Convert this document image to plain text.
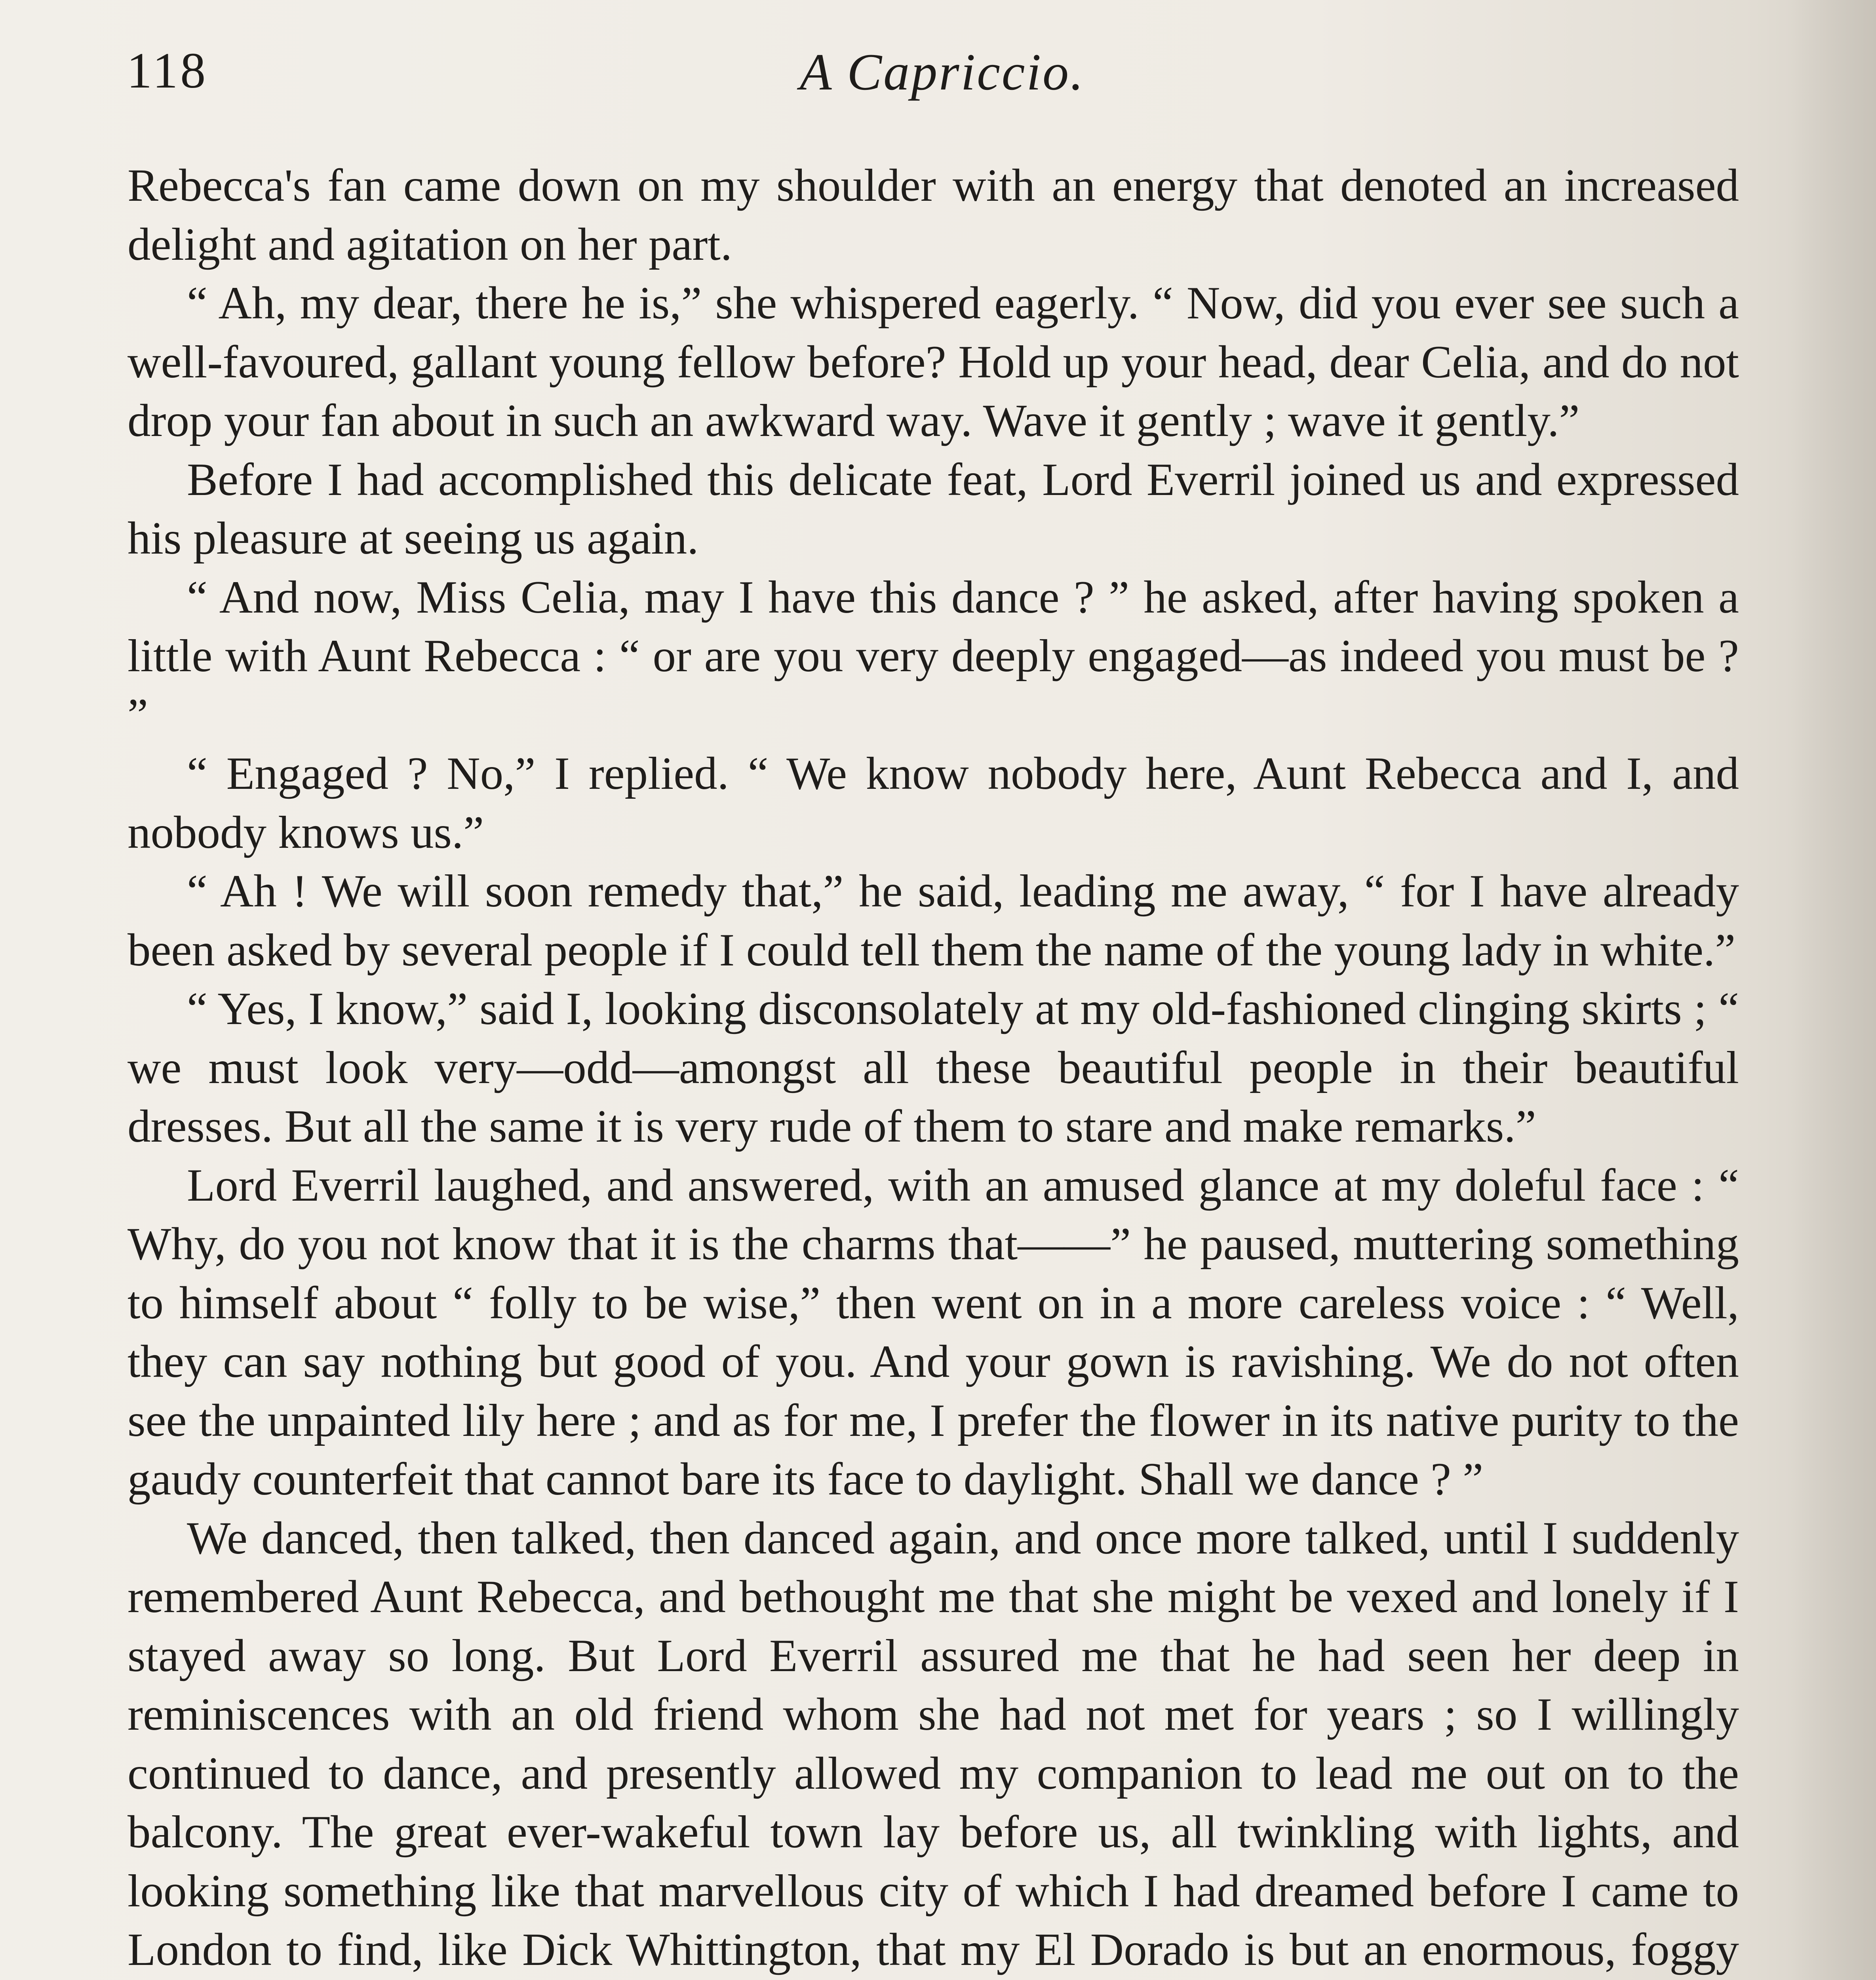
118	A Capriccio.

Rebecca's fan came down on my shoulder with an energy that denoted an increased delight and agitation on her part.

“ Ah, my dear, there he is,” she whispered eagerly. “ Now, did you ever see such a well-favoured, gallant young fellow before? Hold up your head, dear Celia, and do not drop your fan about in such an awkward way. Wave it gently ; wave it gently.”

Before I had accomplished this delicate feat, Lord Everril joined us and expressed his pleasure at seeing us again.

“ And now, Miss Celia, may I have this dance ? ” he asked, after having spoken a little with Aunt Rebecca : “ or are you very deeply engaged—as indeed you must be ? ”

“ Engaged ? No,” I replied. “ We know nobody here, Aunt Rebecca and I, and nobody knows us.”

“ Ah ! We will soon remedy that,” he said, leading me away, “ for I have already been asked by several people if I could tell them the name of the young lady in white.”

“ Yes, I know,” said I, looking disconsolately at my old-fashioned clinging skirts ; “ we must look very—odd—amongst all these beautiful people in their beautiful dresses. But all the same it is very rude of them to stare and make remarks.”

Lord Everril laughed, and answered, with an amused glance at my doleful face : “ Why, do you not know that it is the charms that——” he paused, muttering something to himself about “ folly to be wise,” then went on in a more careless voice : “ Well, they can say nothing but good of you. And your gown is ravishing. We do not often see the unpainted lily here ; and as for me, I prefer the flower in its native purity to the gaudy counterfeit that cannot bare its face to daylight. Shall we dance ? ”

We danced, then talked, then danced again, and once more talked, until I suddenly remembered Aunt Rebecca, and bethought me that she might be vexed and lonely if I stayed away so long. But Lord Everril assured me that he had seen her deep in reminiscences with an old friend whom she had not met for years ; so I willingly continued to dance, and presently allowed my companion to lead me out on to the balcony. The great ever-wakeful town lay before us, all twinkling with lights, and looking something like that marvellous city of which I had dreamed before I came to London to find, like Dick Whittington, that my El Dorado is but an enormous, foggy
